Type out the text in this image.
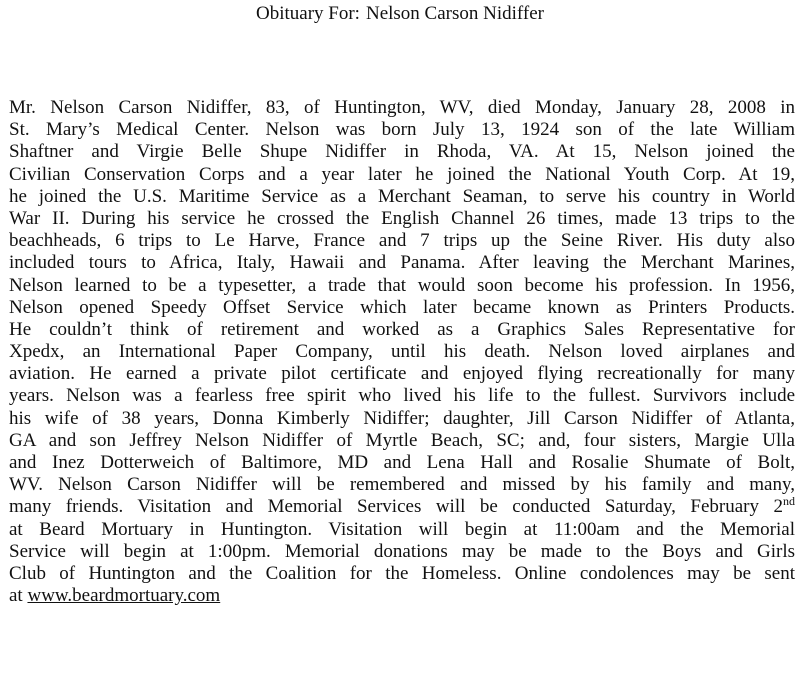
Obituary For: Nelson Carson Nidiffer
Mr. Nelson Carson Nidiffer, 83, of Huntington, WV, died Monday, January 28, 2008 in
St. Mary’s Medical Center. Nelson was born July 13, 1924 son of the late William
Shaftner and Virgie Belle Shupe Nidiffer in Rhoda, VA. At 15, Nelson joined the
Civilian Conservation Corps and a year later he joined the National Youth Corp. At 19,
he joined the U.S. Maritime Service as a Merchant Seaman, to serve his country in World
War II. During his service he crossed the English Channel 26 times, made 13 trips to the
beachheads, 6 trips to Le Harve, France and 7 trips up the Seine River. His duty also
included tours to Africa, Italy, Hawaii and Panama. After leaving the Merchant Marines,
Nelson learned to be a typesetter, a trade that would soon become his profession. In 1956,
Nelson opened Speedy Offset Service which later became known as Printers Products.
He couldn’t think of retirement and worked as a Graphics Sales Representative for
Xpedx, an International Paper Company, until his death. Nelson loved airplanes and
aviation. He earned a private pilot certificate and enjoyed flying recreationally for many
years. Nelson was a fearless free spirit who lived his life to the fullest. Survivors include
his wife of 38 years, Donna Kimberly Nidiffer; daughter, Jill Carson Nidiffer of Atlanta,
GA and son Jeffrey Nelson Nidiffer of Myrtle Beach, SC; and, four sisters, Margie Ulla
and Inez Dotterweich of Baltimore, MD and Lena Hall and Rosalie Shumate of Bolt,
WV. Nelson Carson Nidiffer will be remembered and missed by his family and many,
many friends. Visitation and Memorial Services will be conducted Saturday, February 2nd
at Beard Mortuary in Huntington. Visitation will begin at 11:00am and the Memorial
Service will begin at 1:00pm. Memorial donations may be made to the Boys and Girls
Club of Huntington and the Coalition for the Homeless. Online condolences may be sent
at www.beardmortuary.com
